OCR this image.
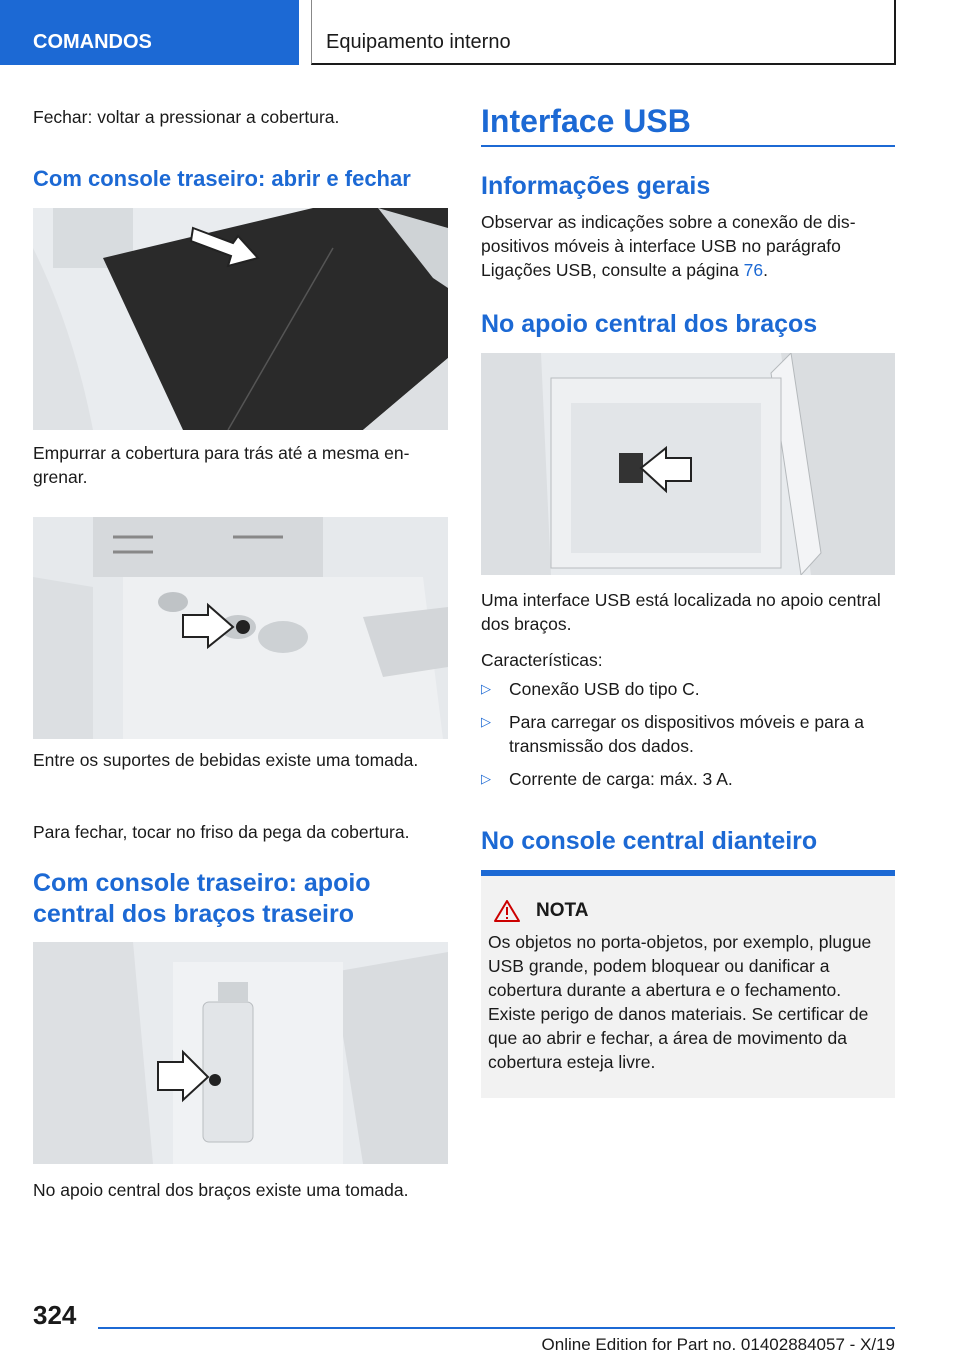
COMANDOS	Equipamento interno

Fechar: voltar a pressionar a cobertura.

Com console traseiro: abrir e fechar

Empurrar a cobertura para trás até a mesma engrenar.

Entre os suportes de bebidas existe uma tomada.

Para fechar, tocar no friso da pega da cobertura.

Com console traseiro: apoio central dos braços traseiro

No apoio central dos braços existe uma tomada.

Interface USB
Informações gerais

Observar as indicações sobre a conexão de dispositivos móveis à interface USB no parágrafo Ligações USB, consulte a página 76.

No apoio central dos braços

Uma interface USB está localizada no apoio central dos braços.

Características:

▷ Conexão USB do tipo C.
▷ Para carregar os dispositivos móveis e para a transmissão dos dados.
▷ Corrente de carga: máx. 3 A.
No console central dianteiro
NOTA

Os objetos no porta-objetos, por exemplo, plugue USB grande, podem bloquear ou danificar a cobertura durante a abertura e o fechamento. Existe perigo de danos materiais. Se certificar de que ao abrir e fechar, a área de movimento da cobertura esteja livre.

324
Online Edition for Part no. 01402884057 - X/19
